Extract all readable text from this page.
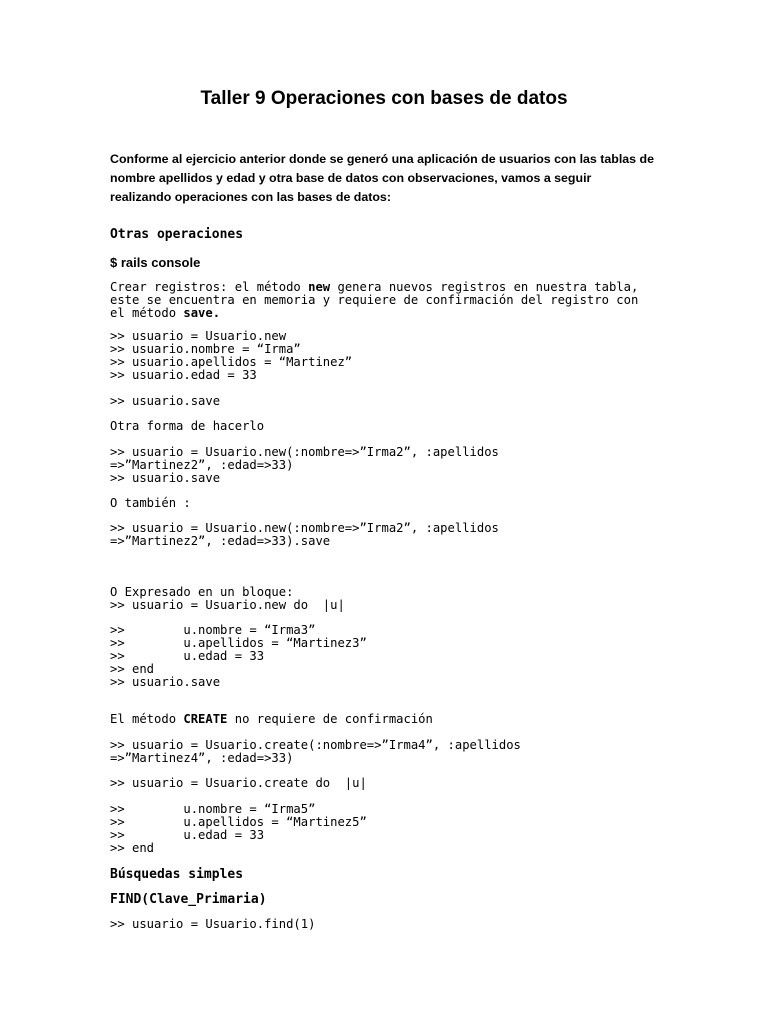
Taller 9 Operaciones con bases de datos

Conforme al ejercicio anterior donde se generó una aplicación de usuarios con las tablas de nombre apellidos y edad y otra base de datos con observaciones, vamos a seguir realizando operaciones con las bases de datos:

Otras operaciones

$ rails console

Crear registros: el método new genera nuevos registros en nuestra tabla, este se encuentra en memoria y requiere de confirmación del registro con el método save.

>> usuario = Usuario.new
>> usuario.nombre = “Irma”
>> usuario.apellidos = “Martinez”
>> usuario.edad = 33
>> usuario.save
Otra forma de hacerlo
>> usuario = Usuario.new(:nombre=>”Irma2”, :apellidos
=>”Martinez2”, :edad=>33)
>> usuario.save
O también :
>> usuario = Usuario.new(:nombre=>”Irma2”, :apellidos
=>”Martinez2”, :edad=>33).save
O Expresado en un bloque:
>> usuario = Usuario.new do  |u|
>>        u.nombre = “Irma3”
>>        u.apellidos = “Martinez3”
>>        u.edad = 33
>> end
>> usuario.save

El método CREATE no requiere de confirmación

>> usuario = Usuario.create(:nombre=>”Irma4”, :apellidos
=>”Martinez4”, :edad=>33)
>> usuario = Usuario.create do  |u|
>>        u.nombre = “Irma5”
>>        u.apellidos = “Martinez5”
>>        u.edad = 33
>> end

Búsquedas simples

FIND(Clave_Primaria)

>> usuario = Usuario.find(1)
